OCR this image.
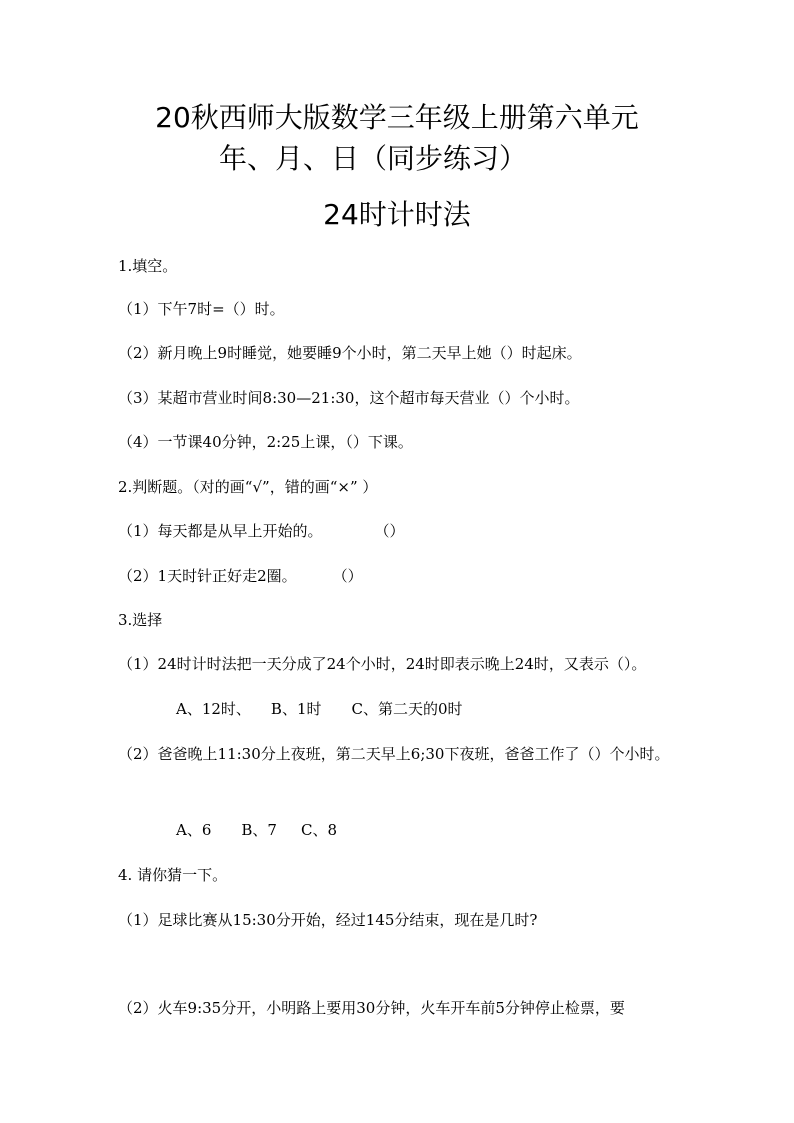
20秋西师大版数学三年级上册第六单元
年、月、日（同步练习）
24时计时法
1.填空。
（1）下午7时=（）时。
（2）新月晚上9时睡觉，她要睡9个小时，第二天早上她（）时起床。
（3）某超市营业时间8:30—21:30，这个超市每天营业（）个小时。
（4）一节课40分钟，2:25上课，（）下课。
2.判断题。（对的画“√”，错的画“×” ）
（1）每天都是从早上开始的。	（）
（2）1天时针正好走2圈。 （）
3.选择
（1）24时计时法把一天分成了24个小时，24时即表示晚上24时，又表示（）。
A、12时、 B、1时 C、第二天的0时
（2）爸爸晚上11:30分上夜班，第二天早上6;30下夜班，爸爸工作了（）个小时。
A、6 B、7 C、8
4. 请你猜一下。
（1）足球比赛从15:30分开始，经过145分结束，现在是几时?
（2）火车9:35分开，小明路上要用30分钟，火车开车前5分钟停止检票，要
